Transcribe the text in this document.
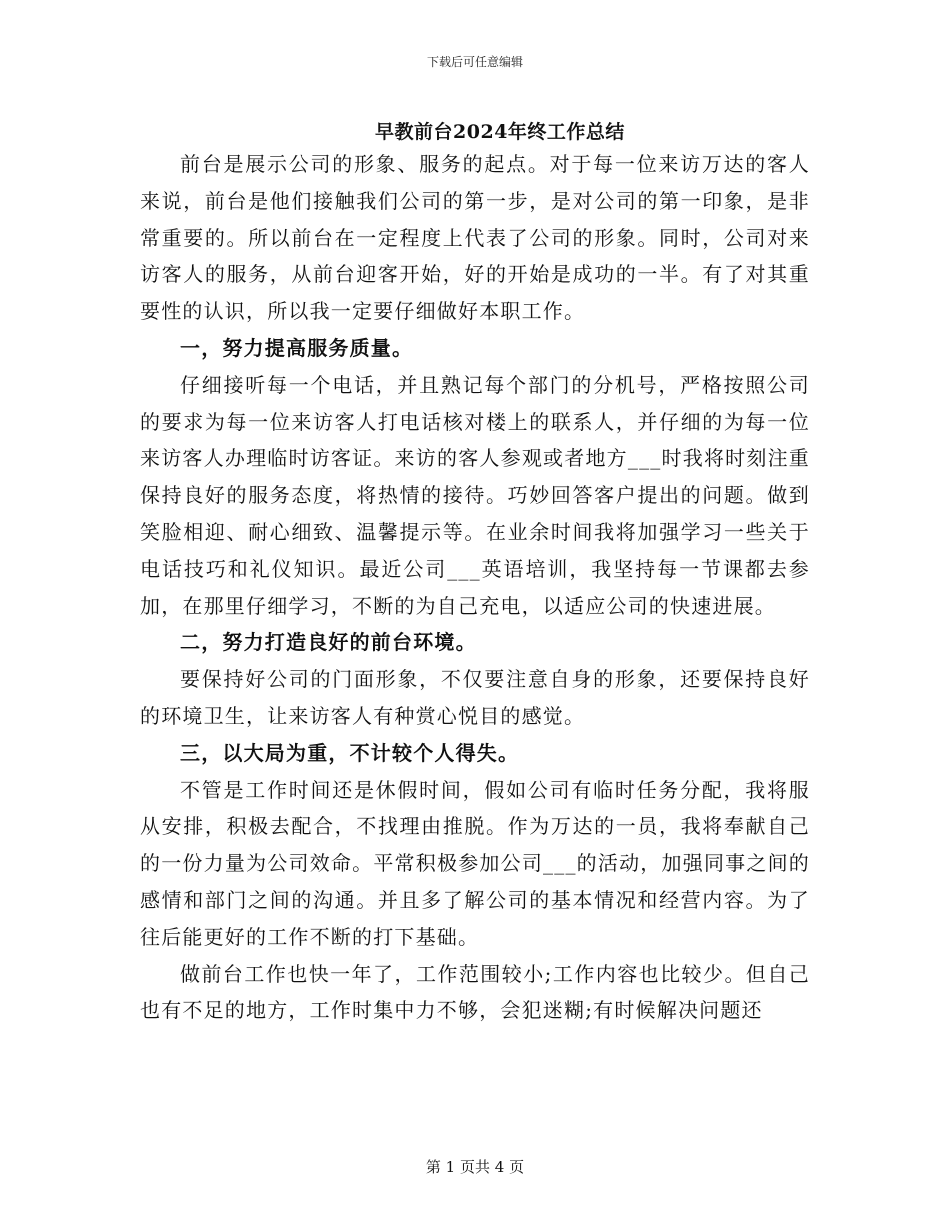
下载后可任意编辑
早教前台2024年终工作总结

前台是展示公司的形象、服务的起点。对于每一位来访万达的客人来说，前台是他们接触我们公司的第一步，是对公司的第一印象，是非常重要的。所以前台在一定程度上代表了公司的形象。同时，公司对来访客人的服务，从前台迎客开始，好的开始是成功的一半。有了对其重要性的认识，所以我一定要仔细做好本职工作。

一，努力提高服务质量。

仔细接听每一个电话，并且熟记每个部门的分机号，严格按照公司的要求为每一位来访客人打电话核对楼上的联系人，并仔细的为每一位来访客人办理临时访客证。来访的客人参观或者地方___时我将时刻注重保持良好的服务态度，将热情的接待。巧妙回答客户提出的问题。做到笑脸相迎、耐心细致、温馨提示等。在业余时间我将加强学习一些关于电话技巧和礼仪知识。最近公司___英语培训，我坚持每一节课都去参加，在那里仔细学习，不断的为自己充电，以适应公司的快速进展。

二，努力打造良好的前台环境。

要保持好公司的门面形象，不仅要注意自身的形象，还要保持良好的环境卫生，让来访客人有种赏心悦目的感觉。

三，以大局为重，不计较个人得失。

不管是工作时间还是休假时间，假如公司有临时任务分配，我将服从安排，积极去配合，不找理由推脱。作为万达的一员，我将奉献自己的一份力量为公司效命。平常积极参加公司___的活动，加强同事之间的感情和部门之间的沟通。并且多了解公司的基本情况和经营内容。为了往后能更好的工作不断的打下基础。

做前台工作也快一年了，工作范围较小;工作内容也比较少。但自己也有不足的地方，工作时集中力不够，会犯迷糊;有时候解决问题还

第 1 页共 4 页
